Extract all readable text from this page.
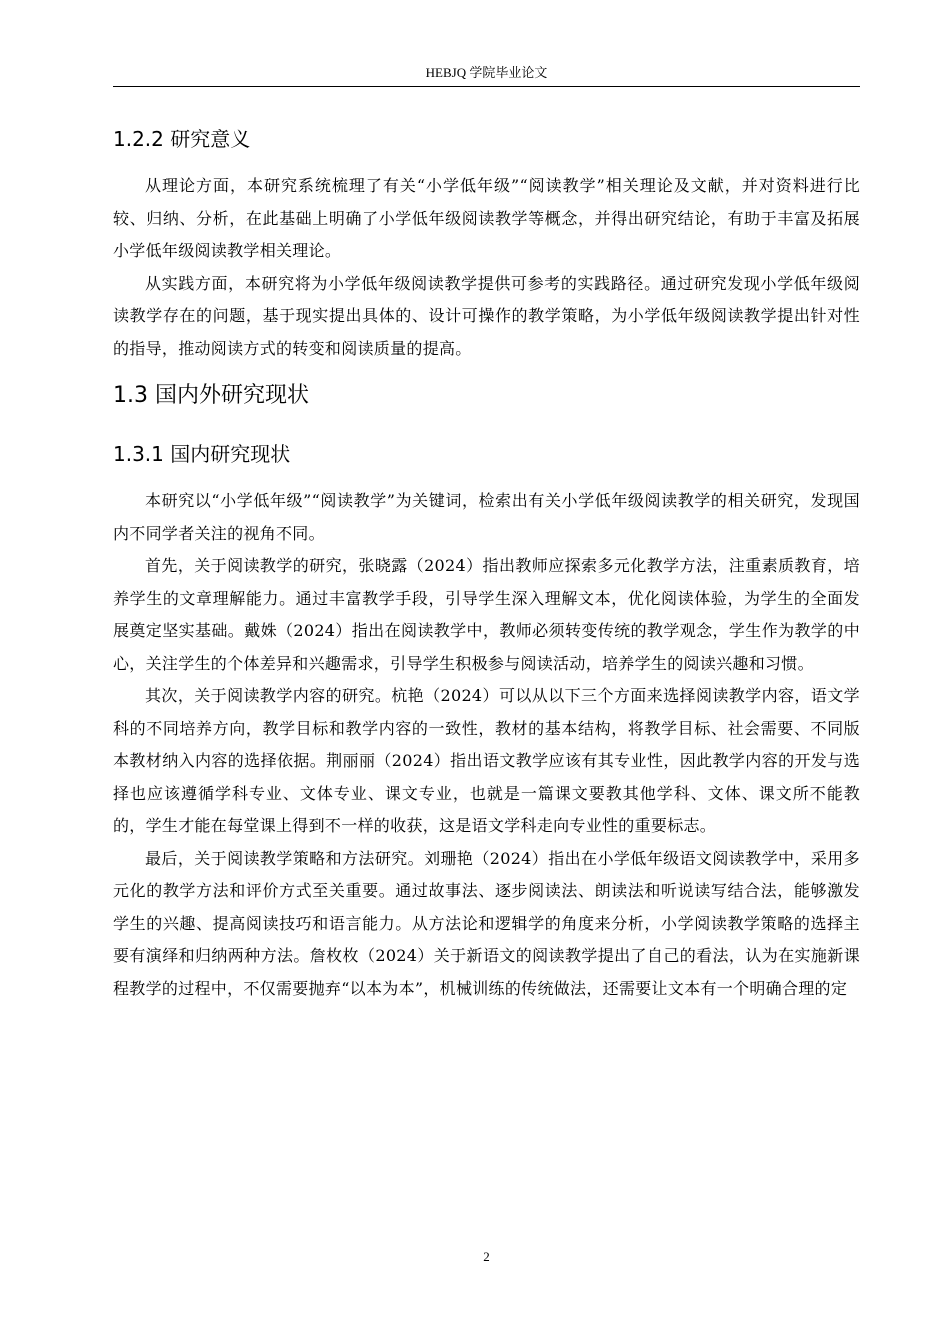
HEBJQ 学院毕业论文
1.2.2 研究意义

从理论方面，本研究系统梳理了有关“小学低年级”“阅读教学”相关理论及文献，并对资料进行比较、归纳、分析，在此基础上明确了小学低年级阅读教学等概念，并得出研究结论，有助于丰富及拓展小学低年级阅读教学相关理论。

从实践方面，本研究将为小学低年级阅读教学提供可参考的实践路径。通过研究发现小学低年级阅读教学存在的问题，基于现实提出具体的、设计可操作的教学策略，为小学低年级阅读教学提出针对性的指导，推动阅读方式的转变和阅读质量的提高。

1.3 国内外研究现状
1.3.1 国内研究现状

本研究以“小学低年级”“阅读教学”为关键词，检索出有关小学低年级阅读教学的相关研究，发现国内不同学者关注的视角不同。

首先，关于阅读教学的研究，张晓露（2024）指出教师应探索多元化教学方法，注重素质教育，培养学生的文章理解能力。通过丰富教学手段，引导学生深入理解文本，优化阅读体验，为学生的全面发展奠定坚实基础。戴姝（2024）指出在阅读教学中，教师必须转变传统的教学观念，学生作为教学的中心，关注学生的个体差异和兴趣需求，引导学生积极参与阅读活动，培养学生的阅读兴趣和习惯。

其次，关于阅读教学内容的研究。杭艳（2024）可以从以下三个方面来选择阅读教学内容，语文学科的不同培养方向，教学目标和教学内容的一致性，教材的基本结构，将教学目标、社会需要、不同版本教材纳入内容的选择依据。荆丽丽（2024）指出语文教学应该有其专业性，因此教学内容的开发与选择也应该遵循学科专业、文体专业、课文专业，也就是一篇课文要教其他学科、文体、课文所不能教的，学生才能在每堂课上得到不一样的收获，这是语文学科走向专业性的重要标志。

最后，关于阅读教学策略和方法研究。刘珊艳（2024）指出在小学低年级语文阅读教学中，采用多元化的教学方法和评价方式至关重要。通过故事法、逐步阅读法、朗读法和听说读写结合法，能够激发学生的兴趣、提高阅读技巧和语言能力。从方法论和逻辑学的角度来分析，小学阅读教学策略的选择主要有演绎和归纳两种方法。詹枚枚（2024）关于新语文的阅读教学提出了自己的看法，认为在实施新课程教学的过程中，不仅需要抛弃“以本为本”，机械训练的传统做法，还需要让文本有一个明确合理的定

2
